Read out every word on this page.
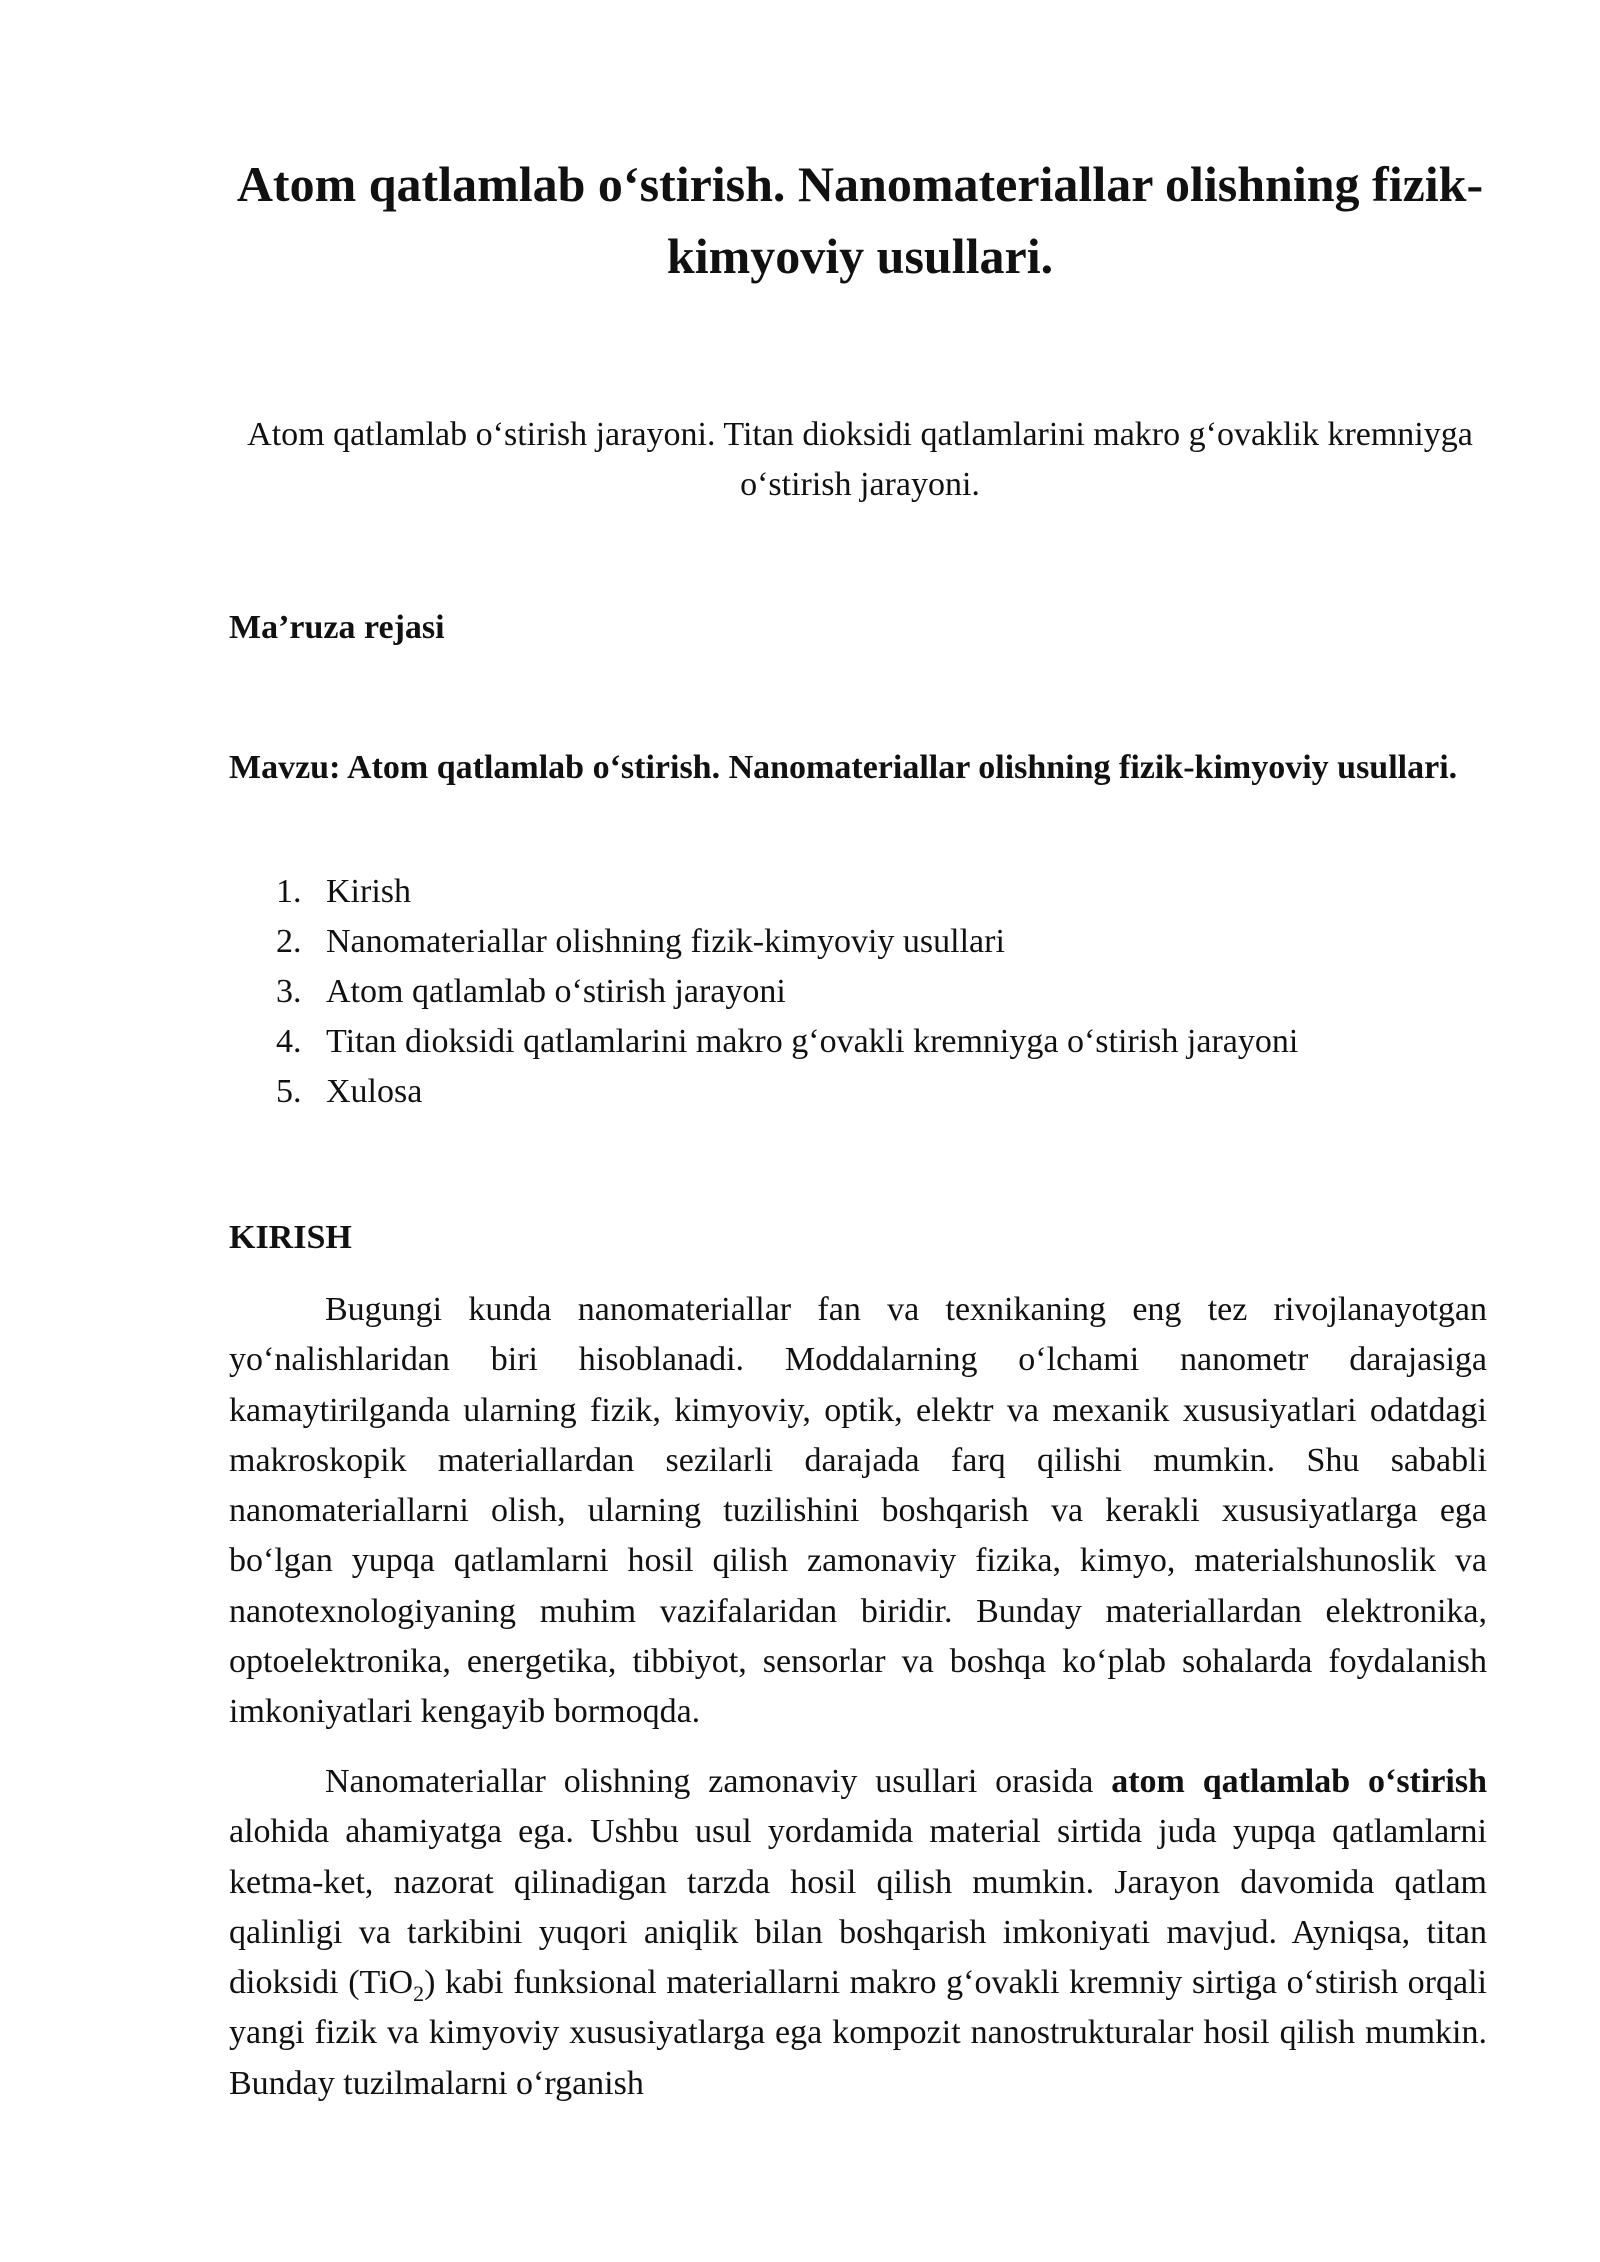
Atom qatlamlab o‘stirish. Nanomateriallar olishning fizik-kimyoviy usullari.

Atom qatlamlab o‘stirish jarayoni. Titan dioksidi qatlamlarini makro g‘ovaklik kremniyga o‘stirish jarayoni.

Ma’ruza rejasi

Mavzu: Atom qatlamlab o‘stirish. Nanomateriallar olishning fizik-kimyoviy usullari.

1. Kirish
2. Nanomateriallar olishning fizik-kimyoviy usullari
3. Atom qatlamlab o‘stirish jarayoni
4. Titan dioksidi qatlamlarini makro g‘ovakli kremniyga o‘stirish jarayoni
5. Xulosa

KIRISH

Bugungi kunda nanomateriallar fan va texnikaning eng tez rivojlanayotgan yo‘nalishlaridan biri hisoblanadi. Moddalarning o‘lchami nanometr darajasiga kamaytirilganda ularning fizik, kimyoviy, optik, elektr va mexanik xususiyatlari odatdagi makroskopik materiallardan sezilarli darajada farq qilishi mumkin. Shu sababli nanomateriallarni olish, ularning tuzilishini boshqarish va kerakli xususiyatlarga ega bo‘lgan yupqa qatlamlarni hosil qilish zamonaviy fizika, kimyo, materialshunoslik va nanotexnologiyaning muhim vazifalaridan biridir. Bunday materiallardan elektronika, optoelektronika, energetika, tibbiyot, sensorlar va boshqa ko‘plab sohalarda foydalanish imkoniyatlari kengayib bormoqda.

Nanomateriallar olishning zamonaviy usullari orasida atom qatlamlab o‘stirish alohida ahamiyatga ega. Ushbu usul yordamida material sirtida juda yupqa qatlamlarni ketma-ket, nazorat qilinadigan tarzda hosil qilish mumkin. Jarayon davomida qatlam qalinligi va tarkibini yuqori aniqlik bilan boshqarish imkoniyati mavjud. Ayniqsa, titan dioksidi (TiO$_2$) kabi funksional materiallarni makro g‘ovakli kremniy sirtiga o‘stirish orqali yangi fizik va kimyoviy xususiyatlarga ega kompozit nanostrukturalar hosil qilish mumkin. Bunday tuzilmalarni o‘rganish
